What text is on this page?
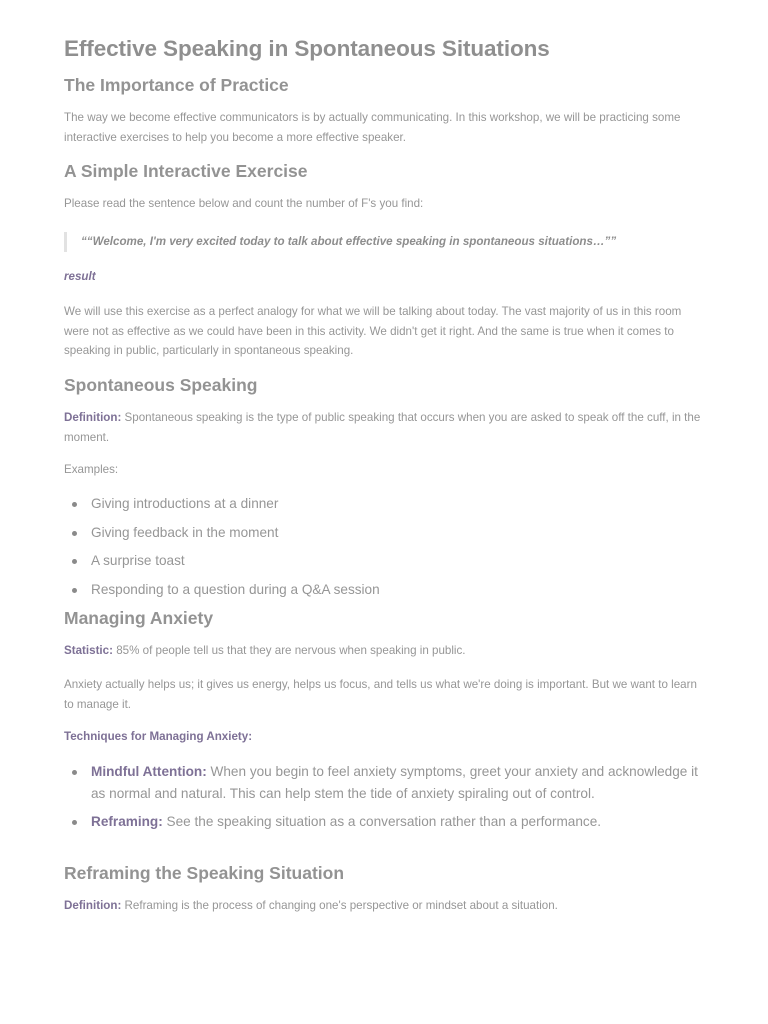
Effective Speaking in Spontaneous Situations
The Importance of Practice

The way we become effective communicators is by actually communicating. In this workshop, we will be practicing some interactive exercises to help you become a more effective speaker.

A Simple Interactive Exercise

Please read the sentence below and count the number of F's you find:

““Welcome, I'm very excited today to talk about effective speaking in spontaneous situations…””
result

We will use this exercise as a perfect analogy for what we will be talking about today. The vast majority of us in this room were not as effective as we could have been in this activity. We didn't get it right. And the same is true when it comes to speaking in public, particularly in spontaneous speaking.

Spontaneous Speaking

Definition: Spontaneous speaking is the type of public speaking that occurs when you are asked to speak off the cuff, in the moment.

Examples:

Giving introductions at a dinner
Giving feedback in the moment
A surprise toast
Responding to a question during a Q&A session
Managing Anxiety

Statistic: 85% of people tell us that they are nervous when speaking in public.

Anxiety actually helps us; it gives us energy, helps us focus, and tells us what we're doing is important. But we want to learn to manage it.

Techniques for Managing Anxiety:

Mindful Attention: When you begin to feel anxiety symptoms, greet your anxiety and acknowledge it as normal and natural. This can help stem the tide of anxiety spiraling out of control.
Reframing: See the speaking situation as a conversation rather than a performance.
Reframing the Speaking Situation

Definition: Reframing is the process of changing one's perspective or mindset about a situation.
